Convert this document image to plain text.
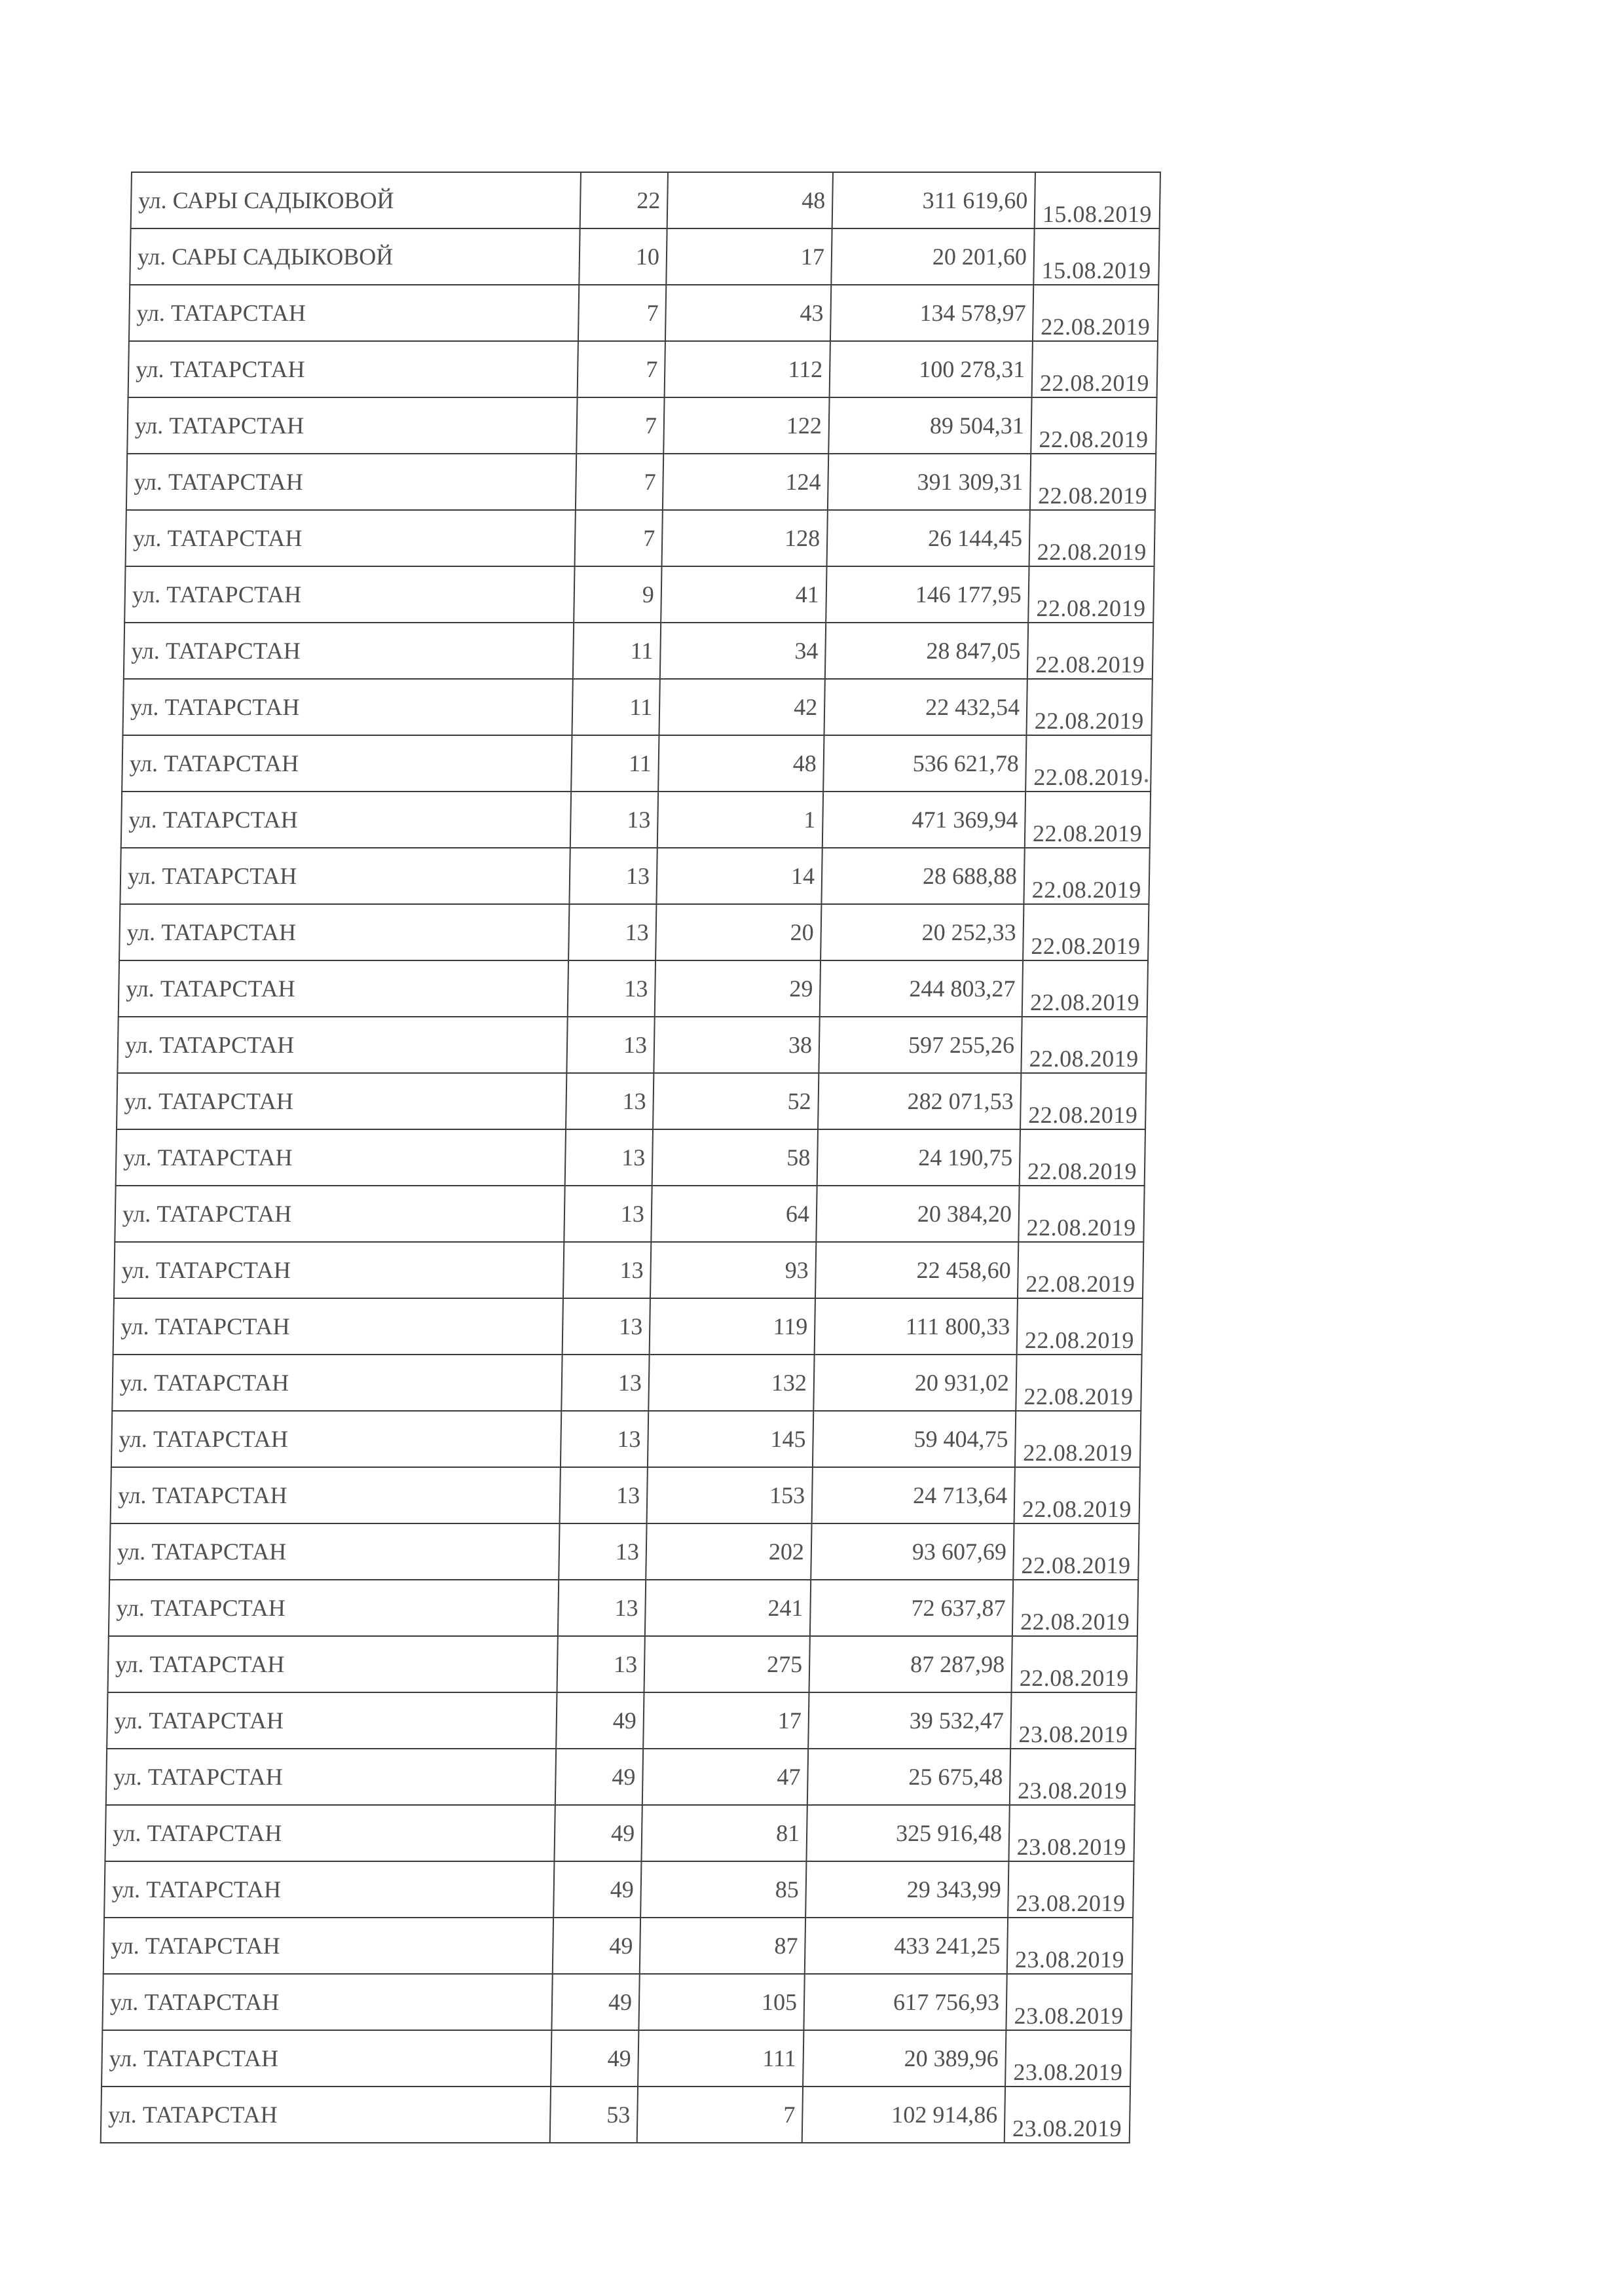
ул. САРЫ САДЫКОВОЙ	22	48	311 619,60	15.08.2019
ул. САРЫ САДЫКОВОЙ	10	17	20 201,60	15.08.2019
ул. ТАТАРСТАН	7	43	134 578,97	22.08.2019
ул. ТАТАРСТАН	7	112	100 278,31	22.08.2019
ул. ТАТАРСТАН	7	122	89 504,31	22.08.2019
ул. ТАТАРСТАН	7	124	391 309,31	22.08.2019
ул. ТАТАРСТАН	7	128	26 144,45	22.08.2019
ул. ТАТАРСТАН	9	41	146 177,95	22.08.2019
ул. ТАТАРСТАН	11	34	28 847,05	22.08.2019
ул. ТАТАРСТАН	11	42	22 432,54	22.08.2019
ул. ТАТАРСТАН	11	48	536 621,78	22.08.2019
ул. ТАТАРСТАН	13	1	471 369,94	22.08.2019
ул. ТАТАРСТАН	13	14	28 688,88	22.08.2019
ул. ТАТАРСТАН	13	20	20 252,33	22.08.2019
ул. ТАТАРСТАН	13	29	244 803,27	22.08.2019
ул. ТАТАРСТАН	13	38	597 255,26	22.08.2019
ул. ТАТАРСТАН	13	52	282 071,53	22.08.2019
ул. ТАТАРСТАН	13	58	24 190,75	22.08.2019
ул. ТАТАРСТАН	13	64	20 384,20	22.08.2019
ул. ТАТАРСТАН	13	93	22 458,60	22.08.2019
ул. ТАТАРСТАН	13	119	111 800,33	22.08.2019
ул. ТАТАРСТАН	13	132	20 931,02	22.08.2019
ул. ТАТАРСТАН	13	145	59 404,75	22.08.2019
ул. ТАТАРСТАН	13	153	24 713,64	22.08.2019
ул. ТАТАРСТАН	13	202	93 607,69	22.08.2019
ул. ТАТАРСТАН	13	241	72 637,87	22.08.2019
ул. ТАТАРСТАН	13	275	87 287,98	22.08.2019
ул. ТАТАРСТАН	49	17	39 532,47	23.08.2019
ул. ТАТАРСТАН	49	47	25 675,48	23.08.2019
ул. ТАТАРСТАН	49	81	325 916,48	23.08.2019
ул. ТАТАРСТАН	49	85	29 343,99	23.08.2019
ул. ТАТАРСТАН	49	87	433 241,25	23.08.2019
ул. ТАТАРСТАН	49	105	617 756,93	23.08.2019
ул. ТАТАРСТАН	49	111	20 389,96	23.08.2019
ул. ТАТАРСТАН	53	7	102 914,86	23.08.2019
